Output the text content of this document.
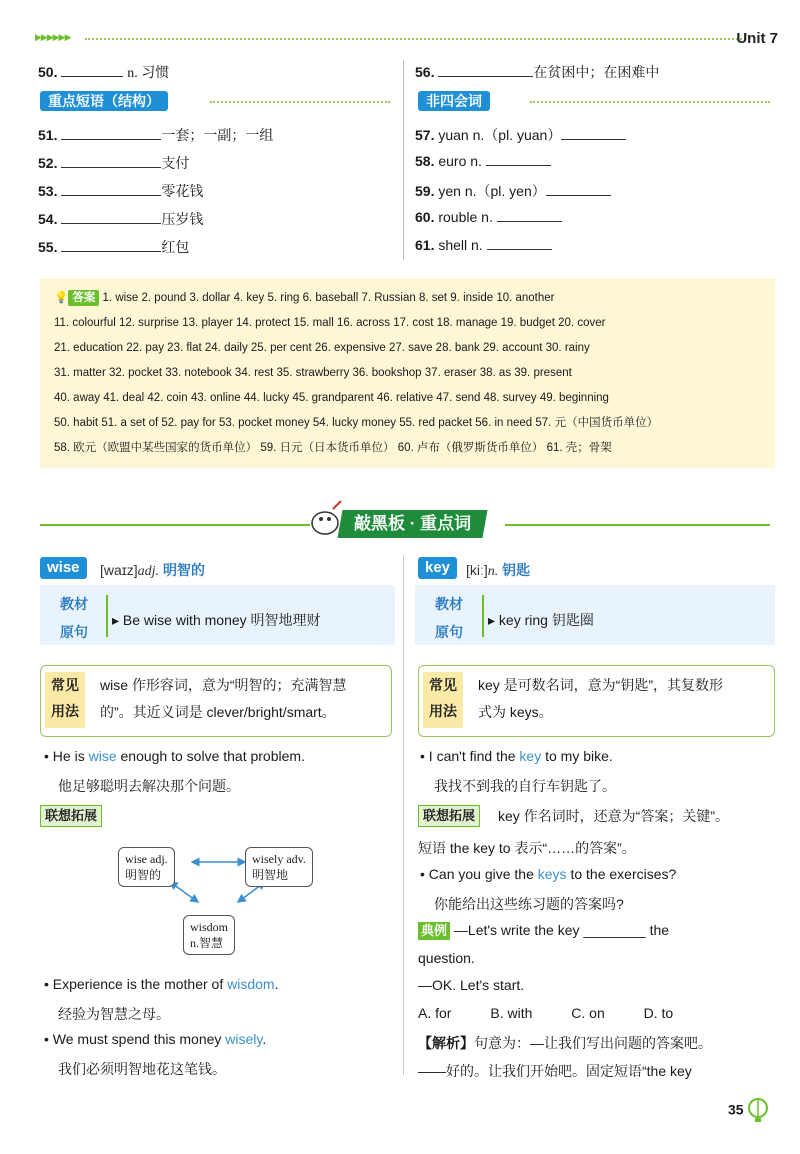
▶▶▶▶▶▶	Unit 7
50.	n. 习惯
重点短语（结构）
51.	一套；一副；一组
52.	支付
53.	零花钱
54.	压岁钱
55.	红包
56.	在贫困中；在困难中
非四会词
57. yuan n.（pl. yuan）
58. euro n.
59. yen n.（pl. yen）
60. rouble n.
61. shell n.
💡 答案 1. wise 2. pound 3. dollar 4. key 5. ring 6. baseball 7. Russian 8. set 9. inside 10. another
11. colourful 12. surprise 13. player 14. protect 15. mall 16. across 17. cost 18. manage 19. budget 20. cover
21. education 22. pay 23. flat 24. daily 25. per cent 26. expensive 27. save 28. bank 29. account 30. rainy
31. matter 32. pocket 33. notebook 34. rest 35. strawberry 36. bookshop 37. eraser 38. as 39. present
40. away 41. deal 42. coin 43. online 44. lucky 45. grandparent 46. relative 47. send 48. survey 49. beginning
50. habit 51. a set of 52. pay for 53. pocket money 54. lucky money 55. red packet 56. in need 57. 元（中国货币单位）
58. 欧元（欧盟中某些国家的货币单位） 59. 日元（日本货币单位） 60. 卢布（俄罗斯货币单位） 61. 壳；骨架
敲黑板 · 重点词
wise	[waɪz]adj. 明智的
教材
原句
▸ Be wise with money 明智地理财
常见
用法
wise 作形容词，意为“明智的；充满智慧
的”。其近义词是 clever/bright/smart。
• He is wise enough to solve that problem.
他足够聪明去解决那个问题。
联想拓展
wise adj.
明智的
wisely adv.
明智地
wisdom
n.智慧
• Experience is the mother of wisdom.
经验为智慧之母。
• We must spend this money wisely.
我们必须明智地花这笔钱。
key	[kiː]n. 钥匙
教材
原句
▸ key ring 钥匙圈
常见
用法
key 是可数名词，意为“钥匙”，其复数形
式为 keys。
• I can't find the key to my bike.
我找不到我的自行车钥匙了。
联想拓展	key 作名词时，还意为“答案；关键”。
短语 the key to 表示“……的答案”。
• Can you give the keys to the exercises?
你能给出这些练习题的答案吗?
典例 —Let's write the key ________ the
question.
—OK. Let's start.
A. for          B. with          C. on          D. to
【解析】句意为：—让我们写出问题的答案吧。
——好的。让我们开始吧。固定短语“the key
35
